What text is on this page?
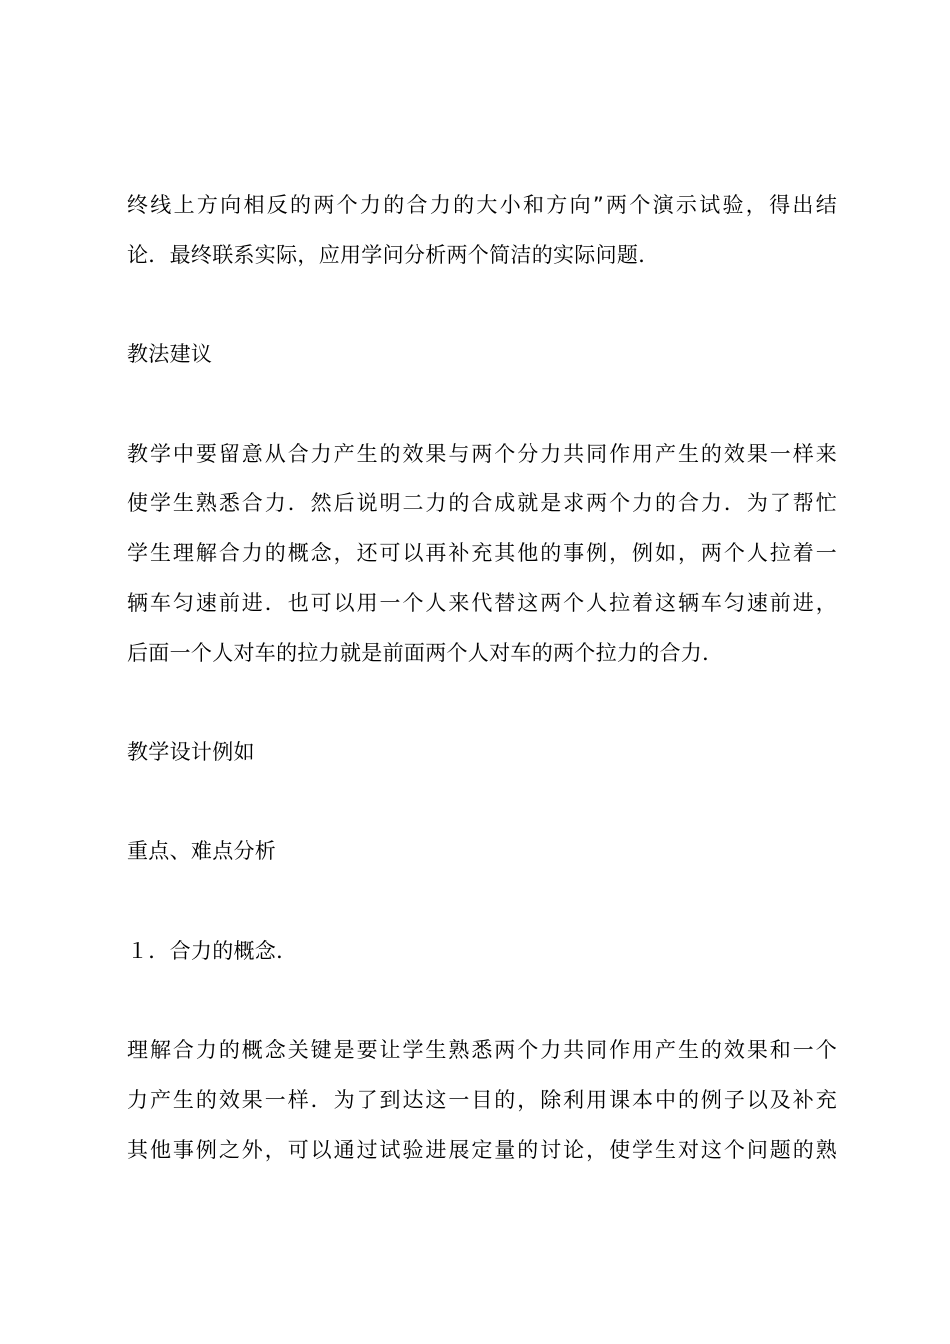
终线上方向相反的两个力的合力的大小和方向”两个演示试验，得出结
论．最终联系实际，应用学问分析两个简洁的实际问题．
教法建议
教学中要留意从合力产生的效果与两个分力共同作用产生的效果一样来
使学生熟悉合力．然后说明二力的合成就是求两个力的合力．为了帮忙
学生理解合力的概念，还可以再补充其他的事例，例如，两个人拉着一
辆车匀速前进．也可以用一个人来代替这两个人拉着这辆车匀速前进，
后面一个人对车的拉力就是前面两个人对车的两个拉力的合力．
教学设计例如
重点、难点分析
１．合力的概念．
理解合力的概念关键是要让学生熟悉两个力共同作用产生的效果和一个
力产生的效果一样．为了到达这一目的，除利用课本中的例子以及补充
其他事例之外，可以通过试验进展定量的讨论，使学生对这个问题的熟
